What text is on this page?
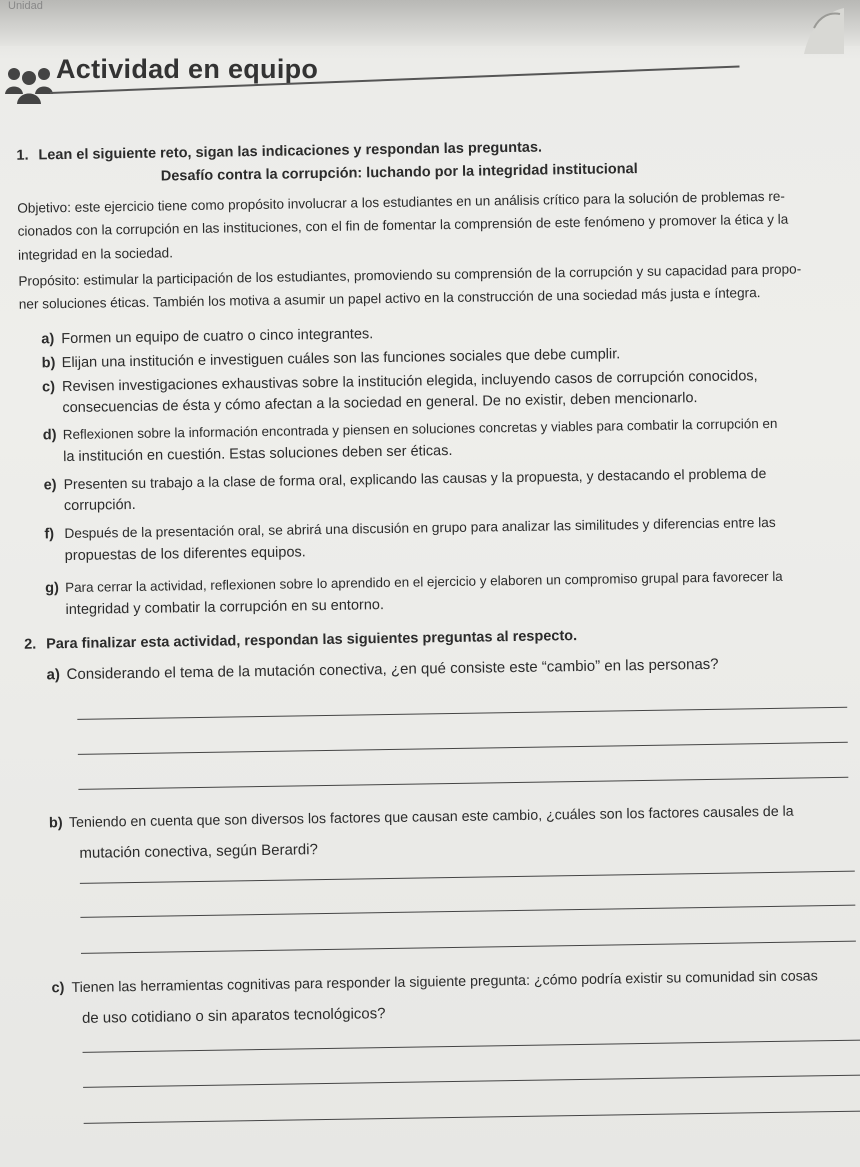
Unidad
Actividad en equipo
1. Lean el siguiente reto, sigan las indicaciones y respondan las preguntas.
Desafío contra la corrupción: luchando por la integridad institucional
Objetivo: este ejercicio tiene como propósito involucrar a los estudiantes en un análisis crítico para la solución de problemas re-
cionados con la corrupción en las instituciones, con el fin de fomentar la comprensión de este fenómeno y promover la ética y la
integridad en la sociedad.
Propósito: estimular la participación de los estudiantes, promoviendo su comprensión de la corrupción y su capacidad para propo-
ner soluciones éticas. También los motiva a asumir un papel activo en la construcción de una sociedad más justa e íntegra.
a) Formen un equipo de cuatro o cinco integrantes.
b) Elijan una institución e investiguen cuáles son las funciones sociales que debe cumplir.
c) Revisen investigaciones exhaustivas sobre la institución elegida, incluyendo casos de corrupción conocidos,
consecuencias de ésta y cómo afectan a la sociedad en general. De no existir, deben mencionarlo.
d) Reflexionen sobre la información encontrada y piensen en soluciones concretas y viables para combatir la corrupción en
la institución en cuestión. Estas soluciones deben ser éticas.
e) Presenten su trabajo a la clase de forma oral, explicando las causas y la propuesta, y destacando el problema de
corrupción.
f) Después de la presentación oral, se abrirá una discusión en grupo para analizar las similitudes y diferencias entre las
propuestas de los diferentes equipos.
g) Para cerrar la actividad, reflexionen sobre lo aprendido en el ejercicio y elaboren un compromiso grupal para favorecer la
integridad y combatir la corrupción en su entorno.
2. Para finalizar esta actividad, respondan las siguientes preguntas al respecto.
a) Considerando el tema de la mutación conectiva, ¿en qué consiste este “cambio” en las personas?
b) Teniendo en cuenta que son diversos los factores que causan este cambio, ¿cuáles son los factores causales de la
mutación conectiva, según Berardi?
c) Tienen las herramientas cognitivas para responder la siguiente pregunta: ¿cómo podría existir su comunidad sin cosas
de uso cotidiano o sin aparatos tecnológicos?
